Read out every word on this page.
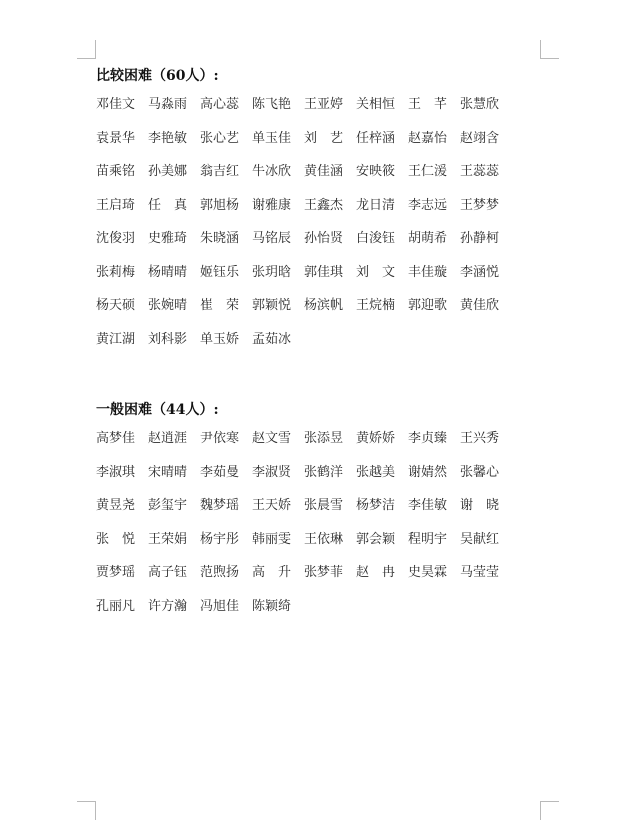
比较困难（60人）:
邓佳文 马淼雨 高心蕊 陈飞艳 王亚婷 关相恒 王　芊 张慧欣
袁景华 李艳敏 张心艺 单玉佳 刘　艺 任梓涵 赵嘉怡 赵翊含
苗乘铭 孙美娜 翁吉红 牛冰欣 黄佳涵 安映筱 王仁湲 王蕊蕊
王启琦 任　真 郭旭杨 谢雅康 王鑫杰 龙日清 李志远 王梦梦
沈俊羽 史雅琦 朱晓涵 马铭辰 孙怡贤 白浚钰 胡萌希 孙静柯
张莉梅 杨晴晴 姬钰乐 张玥晗 郭佳琪 刘　文 丰佳璇 李涵悦
杨天硕 张婉晴 崔　荣 郭颖悦 杨滨帆 王烷楠 郭迎歌 黄佳欣
黄江湖 刘科影 单玉娇 孟茹冰
一般困难（44人）:
高梦佳 赵逍涯 尹依寒 赵文雪 张添昱 黄娇娇 李贞臻 王兴秀
李淑琪 宋晴晴 李茹曼 李淑贤 张鹤洋 张越美 谢婧然 张馨心
黄昱尧 彭玺宇 魏梦瑶 王天娇 张晨雪 杨梦洁 李佳敏 谢　晓
张　悦 王荣娟 杨宇彤 韩丽雯 王依琳 郭会颖 程明宇 吴献红
贾梦瑶 高子钰 范煦扬 高　升 张梦菲 赵　冉 史昊霖 马莹莹
孔丽凡 许方瀚 冯旭佳 陈颖绮
